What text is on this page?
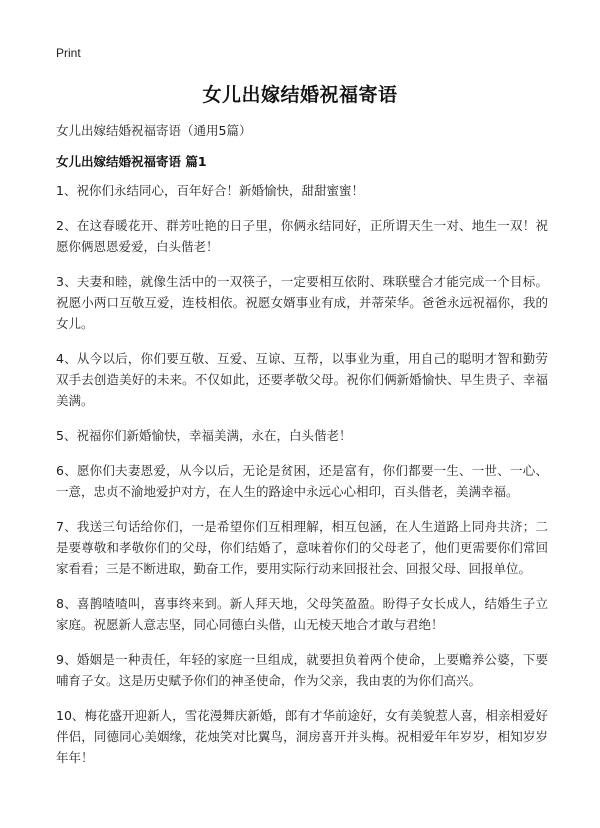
Print
女儿出嫁结婚祝福寄语
女儿出嫁结婚祝福寄语（通用5篇）
女儿出嫁结婚祝福寄语 篇1

1、祝你们永结同心，百年好合！新婚愉快，甜甜蜜蜜！

2、在这春暖花开、群芳吐艳的日子里，你俩永结同好，正所谓天生一对、地生一双！祝愿你俩恩恩爱爱，白头偕老！

3、夫妻和睦，就像生活中的一双筷子，一定要相互依附、珠联璧合才能完成一个目标。祝愿小两口互敬互爱，连枝相依。祝愿女婿事业有成，并蒂荣华。爸爸永远祝福你，我的女儿。

4、从今以后，你们要互敬、互爱、互谅、互帮，以事业为重，用自己的聪明才智和勤劳双手去创造美好的未来。不仅如此，还要孝敬父母。祝你们俩新婚愉快、早生贵子、幸福美满。

5、祝福你们新婚愉快，幸福美满，永在，白头偕老！

6、愿你们夫妻恩爱，从今以后，无论是贫困，还是富有，你们都要一生、一世、一心、一意，忠贞不渝地爱护对方，在人生的路途中永远心心相印，百头偕老，美满幸福。

7、我送三句话给你们，一是希望你们互相理解，相互包涵，在人生道路上同舟共济；二是要尊敬和孝敬你们的父母，你们结婚了，意味着你们的父母老了，他们更需要你们常回家看看；三是不断进取，勤奋工作，要用实际行动来回报社会、回报父母、回报单位。

8、喜鹊喳喳叫，喜事终来到。新人拜天地，父母笑盈盈。盼得子女长成人，结婚生子立家庭。祝愿新人意志坚，同心同德白头偕，山无棱天地合才敢与君绝！

9、婚姻是一种责任，年轻的家庭一旦组成，就要担负着两个使命，上要赡养公婆，下要哺育子女。这是历史赋予你们的神圣使命，作为父亲，我由衷的为你们高兴。

10、梅花盛开迎新人，雪花漫舞庆新婚，郎有才华前途好，女有美貌惹人喜，相亲相爱好伴侣，同德同心美姻缘，花烛笑对比翼鸟，洞房喜开并头梅。祝相爱年年岁岁，相知岁岁年年！
